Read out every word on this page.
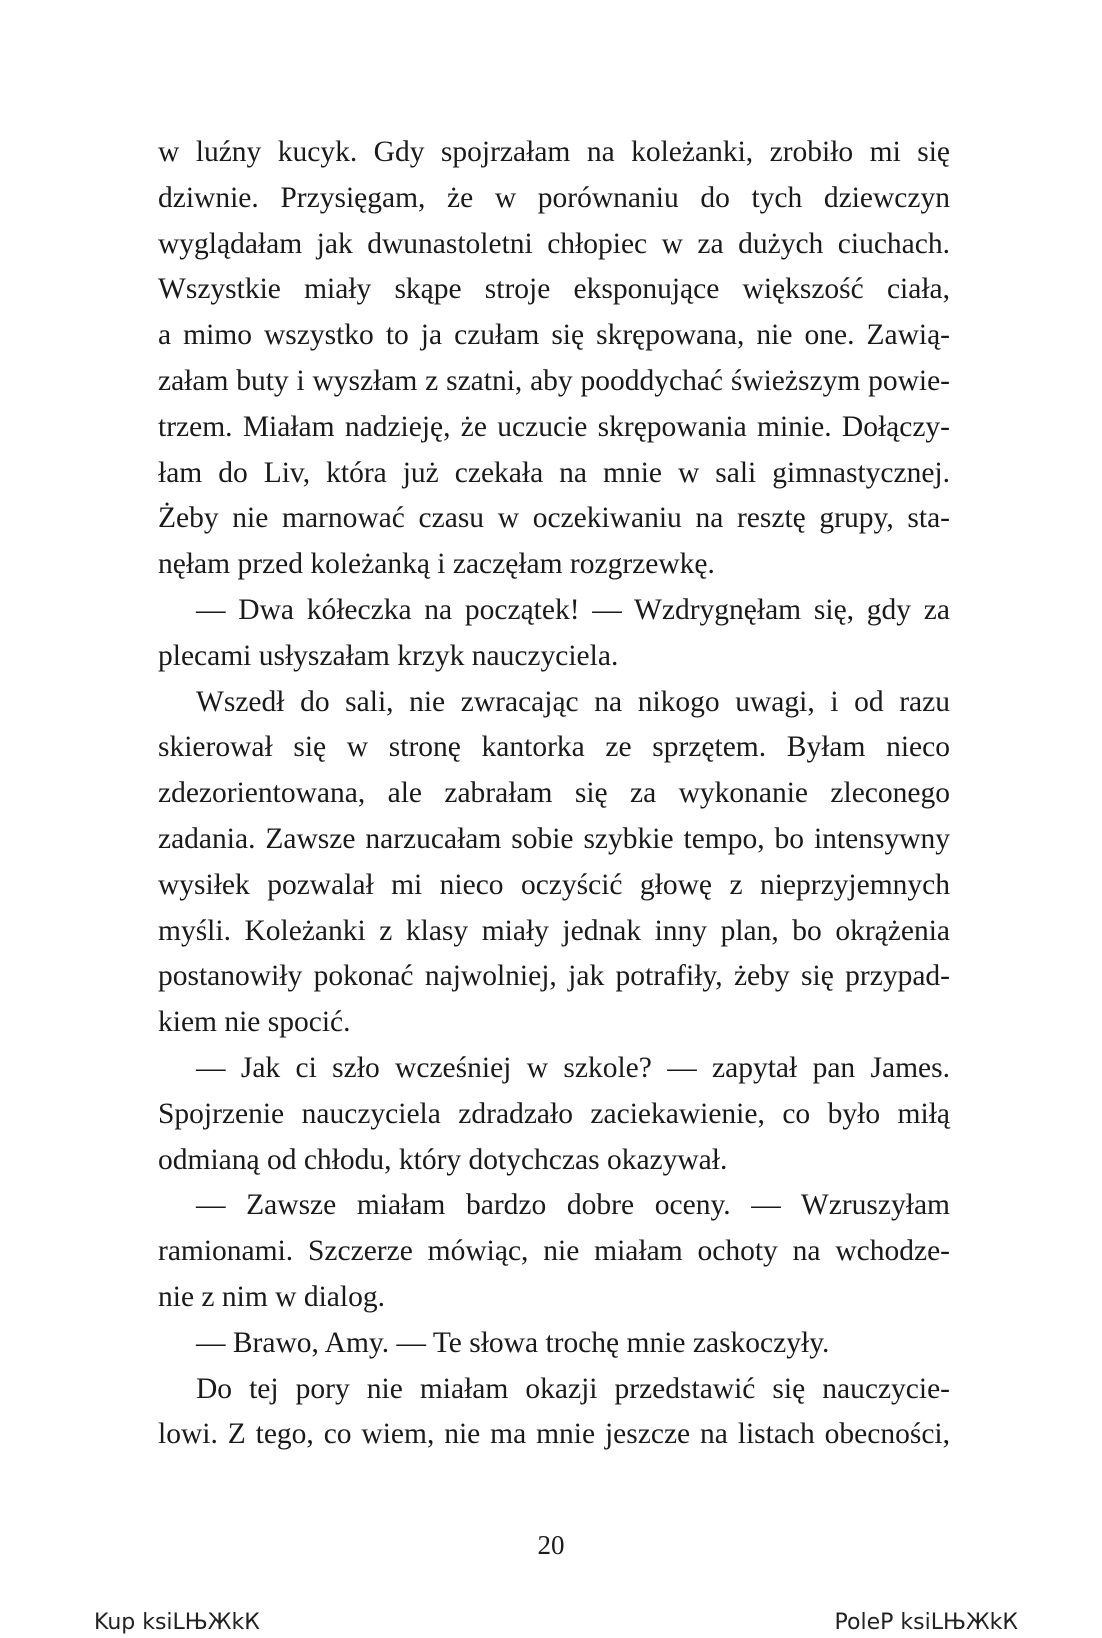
w luźny kucyk. Gdy spojrzałam na koleżanki, zrobiło mi się
dziwnie. Przysięgam, że w porównaniu do tych dziewczyn
wyglądałam jak dwunastoletni chłopiec w za dużych ciuchach.
Wszystkie miały skąpe stroje eksponujące większość ciała,
a mimo wszystko to ja czułam się skrępowana, nie one. Zawią-
załam buty i wyszłam z szatni, aby pooddychać świeższym powie-
trzem. Miałam nadzieję, że uczucie skrępowania minie. Dołączy-
łam do Liv, która już czekała na mnie w sali gimnastycznej.
Żeby nie marnować czasu w oczekiwaniu na resztę grupy, sta-
nęłam przed koleżanką i zaczęłam rozgrzewkę.
— Dwa kółeczka na początek! — Wzdrygnęłam się, gdy za
plecami usłyszałam krzyk nauczyciela.
Wszedł do sali, nie zwracając na nikogo uwagi, i od razu
skierował się w stronę kantorka ze sprzętem. Byłam nieco
zdezorientowana, ale zabrałam się za wykonanie zleconego
zadania. Zawsze narzucałam sobie szybkie tempo, bo intensywny
wysiłek pozwalał mi nieco oczyścić głowę z nieprzyjemnych
myśli. Koleżanki z klasy miały jednak inny plan, bo okrążenia
postanowiły pokonać najwolniej, jak potrafiły, żeby się przypad-
kiem nie spocić.
— Jak ci szło wcześniej w szkole? — zapytał pan James.
Spojrzenie nauczyciela zdradzało zaciekawienie, co było miłą
odmianą od chłodu, który dotychczas okazywał.
— Zawsze miałam bardzo dobre oceny. — Wzruszyłam
ramionami. Szczerze mówiąc, nie miałam ochoty na wchodze-
nie z nim w dialog.
— Brawo, Amy. — Te słowa trochę mnie zaskoczyły.
Do tej pory nie miałam okazji przedstawić się nauczycie-
lowi. Z tego, co wiem, nie ma mnie jeszcze na listach obecności,
20
Kup ksiLЊЖkК	PoleP ksiLЊЖkК
